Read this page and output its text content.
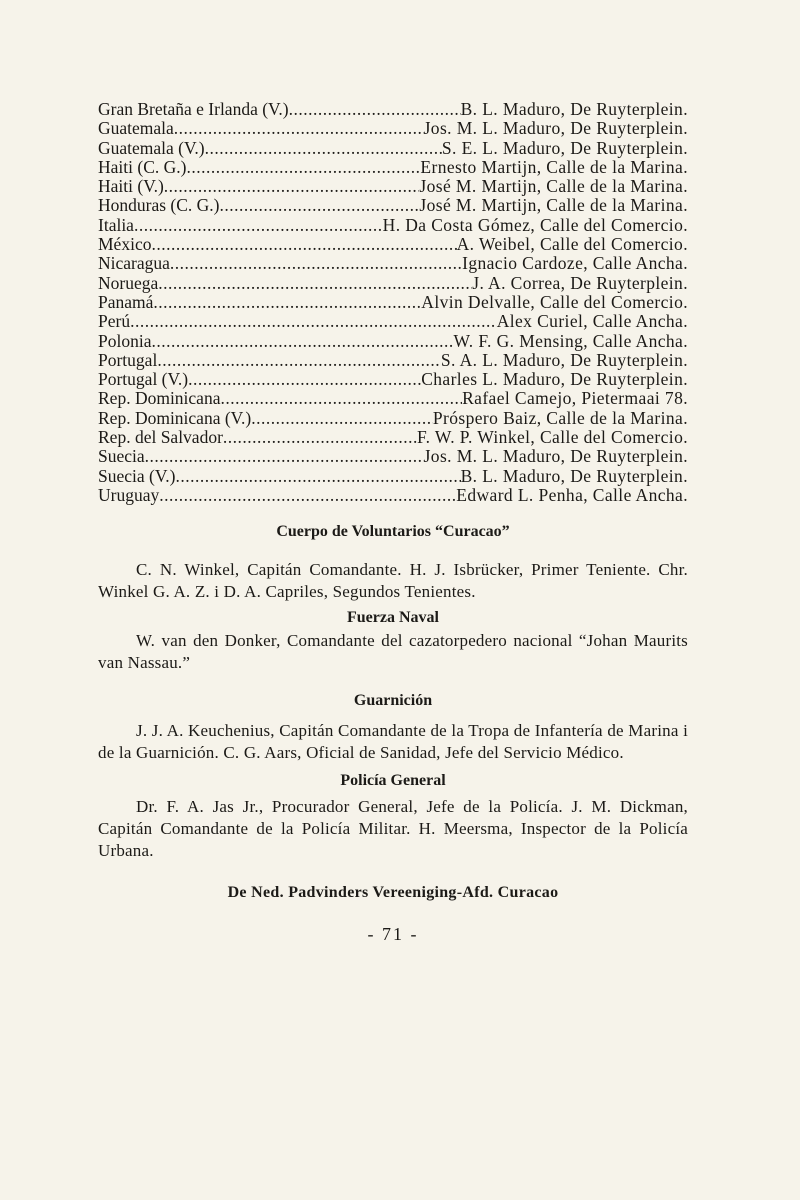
Gran Bretaña e Irlanda (V.) .....	B. L. Maduro, De Ruyterplein.
Guatemala .....	Jos. M. L. Maduro, De Ruyterplein.
Guatemala (V.) .....	S. E. L. Maduro, De Ruyterplein.
Haiti (C. G.) .....	Ernesto Martijn, Calle de la Marina.
Haiti (V.) .....	José M. Martijn, Calle de la Marina.
Honduras (C. G.) .....	José M. Martijn, Calle de la Marina.
Italia .....	H. Da Costa Gómez, Calle del Comercio.
México .....	A. Weibel, Calle del Comercio.
Nicaragua .....	Ignacio Cardoze, Calle Ancha.
Noruega .....	J. A. Correa, De Ruyterplein.
Panamá .....	Alvin Delvalle, Calle del Comercio.
Perú .....	Alex Curiel, Calle Ancha.
Polonia .....	W. F. G. Mensing, Calle Ancha.
Portugal .....	S. A. L. Maduro, De Ruyterplein.
Portugal (V.) .....	Charles L. Maduro, De Ruyterplein.
Rep. Dominicana .....	Rafael Camejo, Pietermaai 78.
Rep. Dominicana (V.) .....	Próspero Baiz, Calle de la Marina.
Rep. del Salvador .....	F. W. P. Winkel, Calle del Comercio.
Suecia .....	Jos. M. L. Maduro, De Ruyterplein.
Suecia (V.) .....	B. L. Maduro, De Ruyterplein.
Uruguay .....	Edward L. Penha, Calle Ancha.
Cuerpo de Voluntarios “Curacao”

C. N. Winkel, Capitán Comandante. H. J. Isbrücker, Primer Teniente. Chr. Winkel G. A. Z. i D. A. Capriles, Segundos Tenientes.

Fuerza Naval

W. van den Donker, Comandante del cazatorpedero nacional “Johan Maurits van Nassau.”

Guarnición

J. J. A. Keuchenius, Capitán Comandante de la Tropa de Infantería de Marina i de la Guarnición. C. G. Aars, Oficial de Sanidad, Jefe del Servicio Médico.

Policía General

Dr. F. A. Jas Jr., Procurador General, Jefe de la Policía. J. M. Dickman, Capitán Comandante de la Policía Militar. H. Meersma, Inspector de la Policía Urbana.

De Ned. Padvinders Vereeniging-Afd. Curacao
- 71 -
